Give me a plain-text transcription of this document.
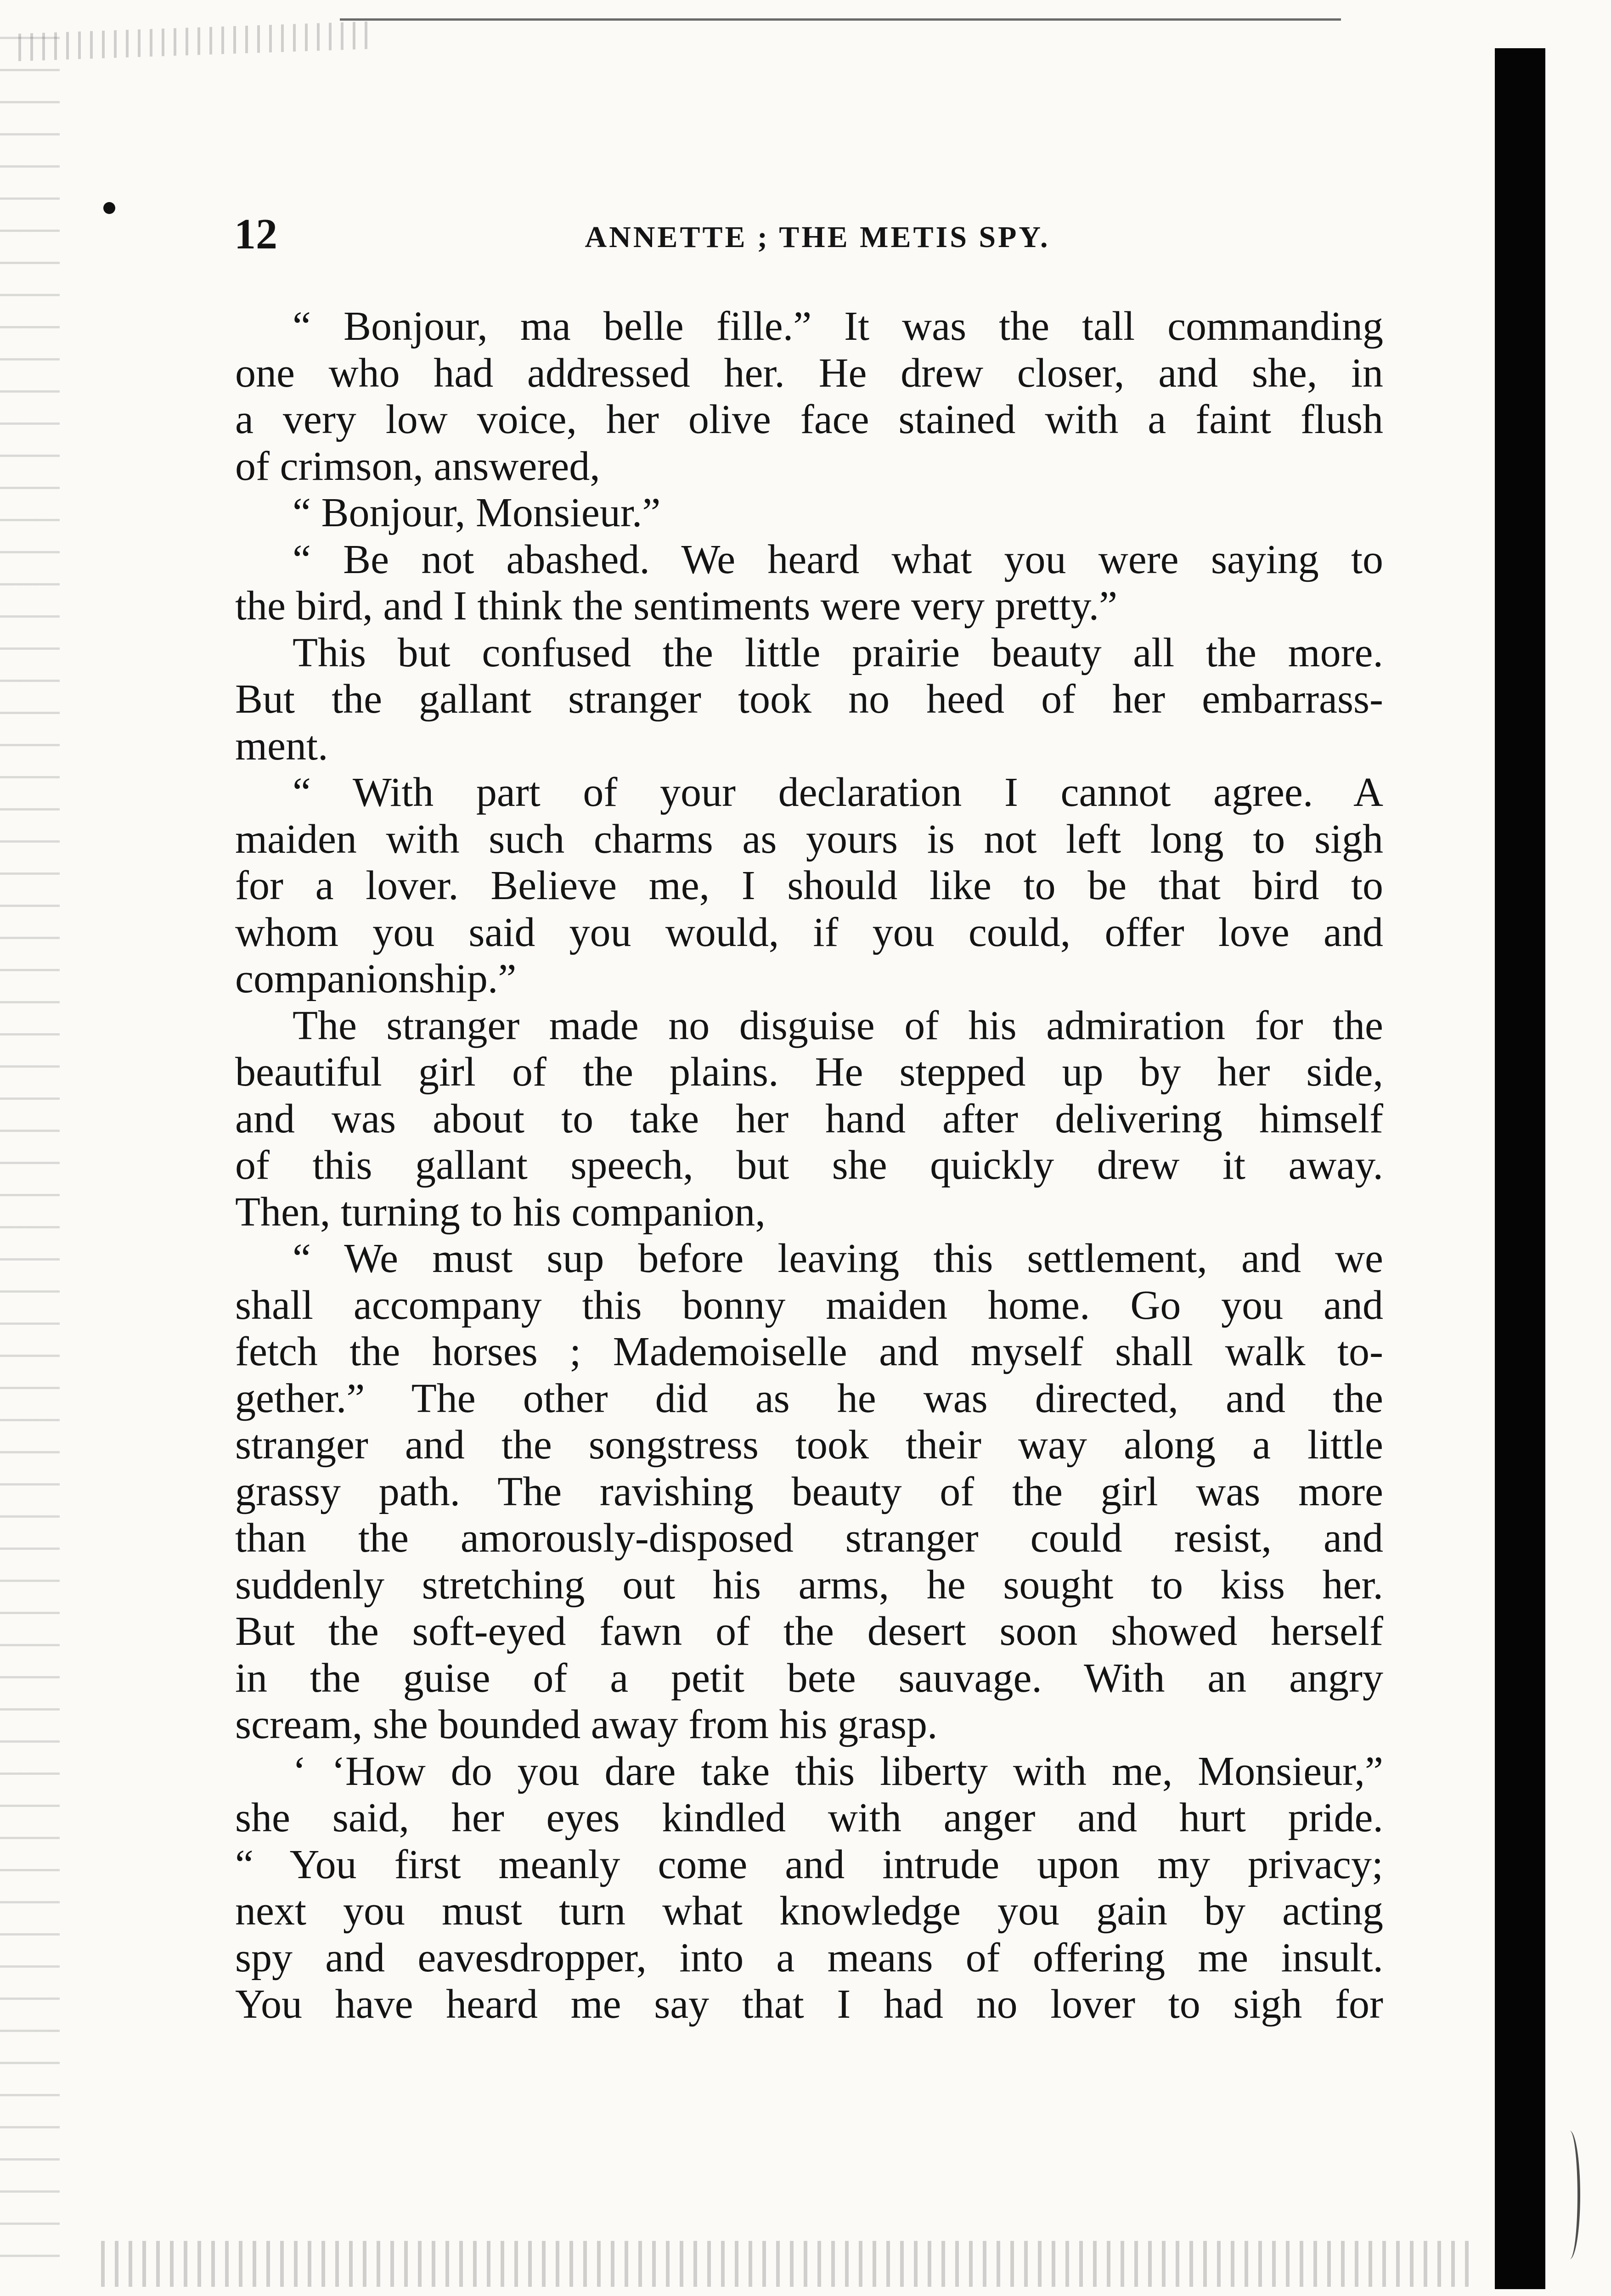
12	ANNETTE ; THE METIS SPY.
“ Bonjour, ma belle fille.” It was the tall commanding
one who had addressed her. He drew closer, and she, in
a very low voice, her olive face stained with a faint flush
of crimson, answered,
“ Bonjour, Monsieur.”
“ Be not abashed. We heard what you were saying to
the bird, and I think the sentiments were very pretty.”
This but confused the little prairie beauty all the more.
But the gallant stranger took no heed of her embarrass-
ment.
“ With part of your declaration I cannot agree. A
maiden with such charms as yours is not left long to sigh
for a lover. Believe me, I should like to be that bird to
whom you said you would, if you could, offer love and
companionship.”
The stranger made no disguise of his admiration for the
beautiful girl of the plains. He stepped up by her side,
and was about to take her hand after delivering himself
of this gallant speech, but she quickly drew it away.
Then, turning to his companion,
“ We must sup before leaving this settlement, and we
shall accompany this bonny maiden home. Go you and
fetch the horses ; Mademoiselle and myself shall walk to-
gether.” The other did as he was directed, and the
stranger and the songstress took their way along a little
grassy path. The ravishing beauty of the girl was more
than the amorously-disposed stranger could resist, and
suddenly stretching out his arms, he sought to kiss her.
But the soft-eyed fawn of the desert soon showed herself
in the guise of a petit bete sauvage. With an angry
scream, she bounded away from his grasp.
‘ ‘How do you dare take this liberty with me, Monsieur,”
she said, her eyes kindled with anger and hurt pride.
“ You first meanly come and intrude upon my privacy;
next you must turn what knowledge you gain by acting
spy and eavesdropper, into a means of offering me insult.
You have heard me say that I had no lover to sigh for
